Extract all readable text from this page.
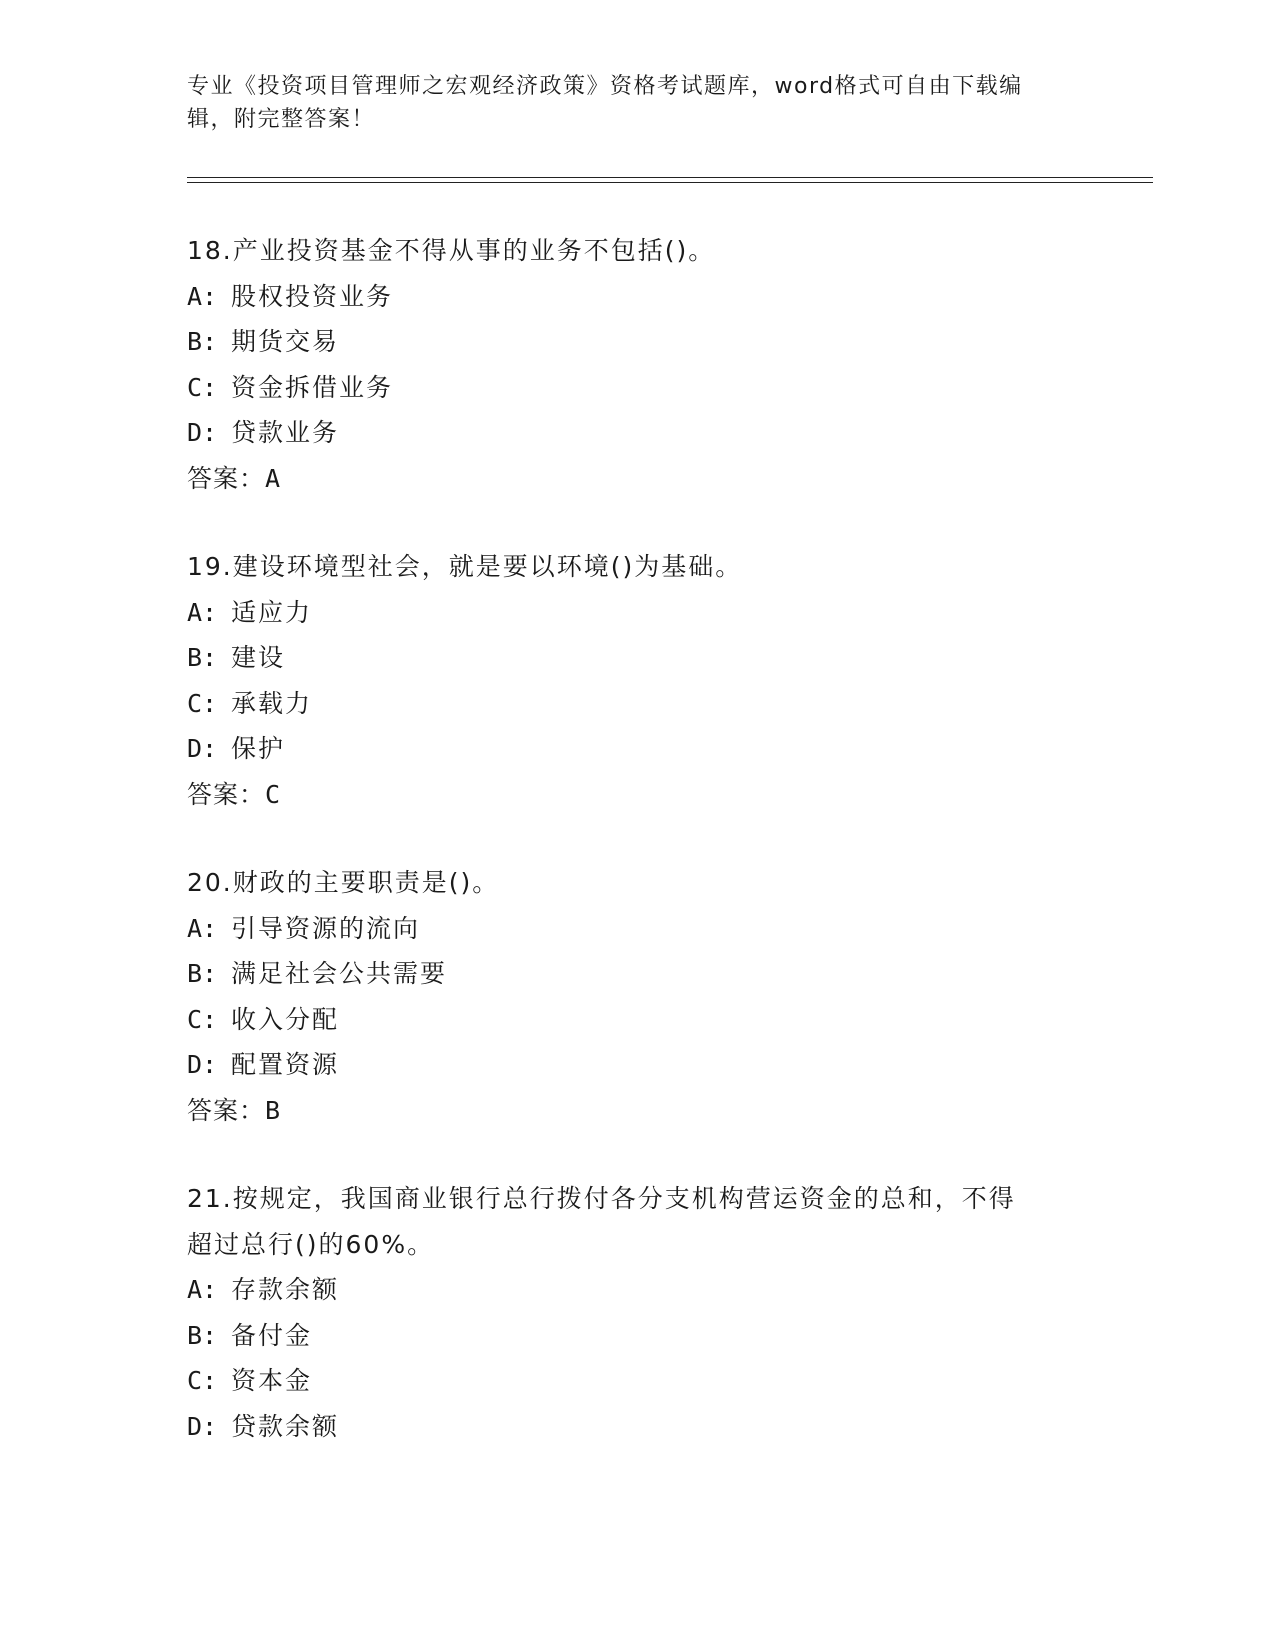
专业《投资项目管理师之宏观经济政策》资格考试题库，word格式可自由下载编
辑，附完整答案！
18.产业投资基金不得从事的业务不包括()。
A: 股权投资业务
B: 期货交易
C: 资金拆借业务
D: 贷款业务
答案：A
19.建设环境型社会，就是要以环境()为基础。
A: 适应力
B: 建设
C: 承载力
D: 保护
答案：C
20.财政的主要职责是()。
A: 引导资源的流向
B: 满足社会公共需要
C: 收入分配
D: 配置资源
答案：B
21.按规定，我国商业银行总行拨付各分支机构营运资金的总和，不得
超过总行()的60%。
A: 存款余额
B: 备付金
C: 资本金
D: 贷款余额
